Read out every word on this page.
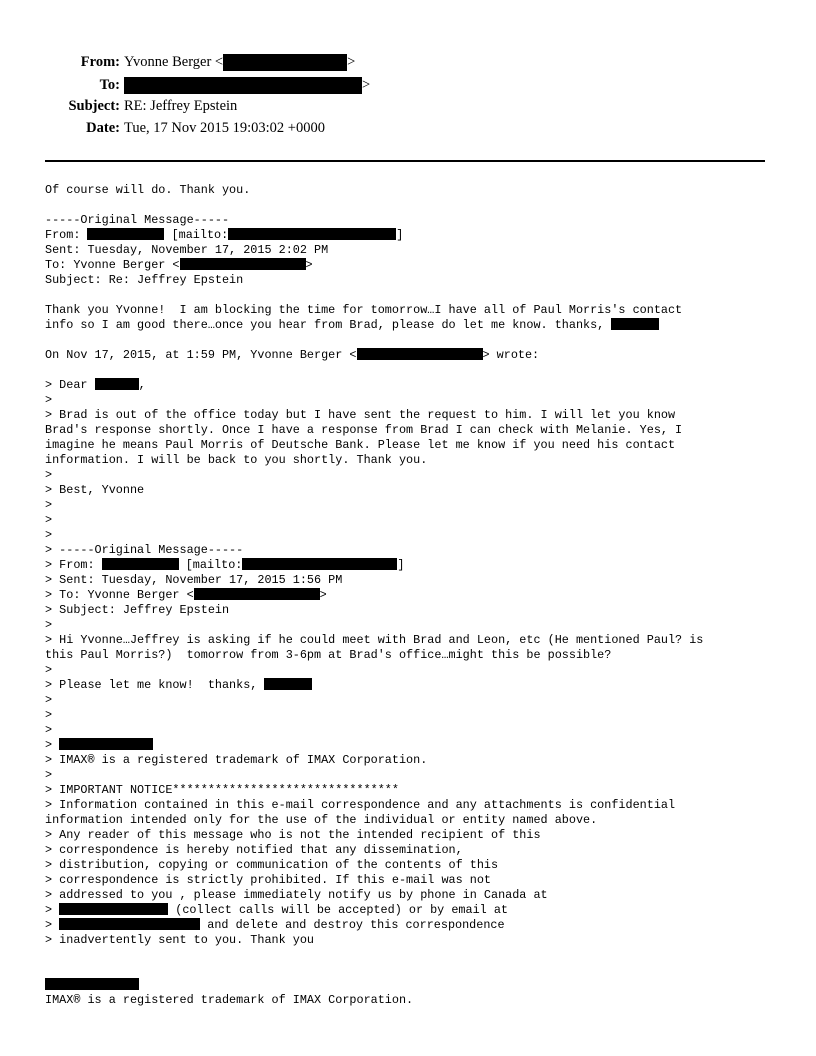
From: Yvonne Berger <	>
To:	>
Subject: RE: Jeffrey Epstein
Date: Tue, 17 Nov 2015 19:03:02 +0000
Of course will do. Thank you.
-----Original Message-----
From:	[mailto:	]
Sent: Tuesday, November 17, 2015 2:02 PM
To: Yvonne Berger <	>
Subject: Re: Jeffrey Epstein
Thank you Yvonne!  I am blocking the time for tomorrow…I have all of Paul Morris's contact
info so I am good there…once you hear from Brad, please do let me know. thanks,
On Nov 17, 2015, at 1:59 PM, Yvonne Berger <	> wrote:
> Dear	,
>
> Brad is out of the office today but I have sent the request to him. I will let you know
Brad's response shortly. Once I have a response from Brad I can check with Melanie. Yes, I
imagine he means Paul Morris of Deutsche Bank. Please let me know if you need his contact
information. I will be back to you shortly. Thank you.
>
> Best, Yvonne
>
>
>
> -----Original Message-----
> From:	[mailto:	]
> Sent: Tuesday, November 17, 2015 1:56 PM
> To: Yvonne Berger <	>
> Subject: Jeffrey Epstein
>
> Hi Yvonne…Jeffrey is asking if he could meet with Brad and Leon, etc (He mentioned Paul? is
this Paul Morris?)  tomorrow from 3-6pm at Brad's office…might this be possible?
>
> Please let me know!  thanks,
>
>
>
>
> IMAX® is a registered trademark of IMAX Corporation.
>
> IMPORTANT NOTICE********************************
> Information contained in this e-mail correspondence and any attachments is confidential
information intended only for the use of the individual or entity named above.
> Any reader of this message who is not the intended recipient of this
> correspondence is hereby notified that any dissemination,
> distribution, copying or communication of the contents of this
> correspondence is strictly prohibited. If this e-mail was not
> addressed to you , please immediately notify us by phone in Canada at
>	(collect calls will be accepted) or by email at
>	and delete and destroy this correspondence
> inadvertently sent to you. Thank you
IMAX® is a registered trademark of IMAX Corporation.
